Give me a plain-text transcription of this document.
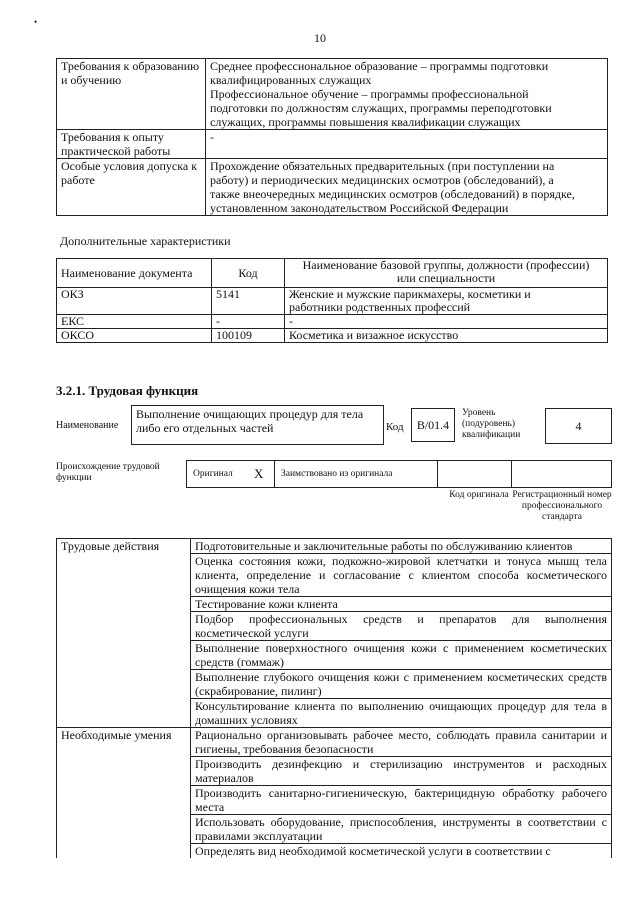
•
10
Требования к образованию и обучению	Среднее профессиональное образование – программы подготовки
квалифицированных служащих
Профессиональное обучение – программы профессиональной
подготовки по должностям служащих, программы переподготовки
служащих, программы повышения квалификации служащих

Требования к опыту практической работы	-

Особые условия допуска к работе	Прохождение обязательных предварительных (при поступлении на
работу) и периодических медицинских осмотров (обследований), а
также внеочередных медицинских осмотров (обследований) в порядке,
установленном законодательством Российской Федерации
Дополнительные характеристики
Наименование документа	Код	Наименование базовой группы, должности (профессии) или специальности
ОКЗ	5141	Женские и мужские парикмахеры, косметики и работники родственных профессий
ЕКС	-	-
ОКСО	100109	Косметика и визажное искусство
3.2.1. Трудовая функция
Наименование
Выполнение очищающих процедур для тела либо его отдельных частей	Код	B/01.4
Уровень (подуровень) квалификации
4
Происхождение трудовой функции	Оригинал X Заимствовано из оригинала
Код оригинала Регистрационный номер профессионального стандарта
Трудовые действия	Подготовительные и заключительные работы по обслуживанию клиентов
	Оценка состояния кожи, подкожно-жировой клетчатки и тонуса мышц тела клиента, определение и согласование с клиентом способа косметического очищения кожи тела
	Тестирование кожи клиента
	Подбор профессиональных средств и препаратов для выполнения косметической услуги
	Выполнение поверхностного очищения кожи с применением косметических средств (гоммаж)
	Выполнение глубокого очищения кожи с применением косметических средств (скрабирование, пилинг)
	Консультирование клиента по выполнению очищающих процедур для тела в домашних условиях
Необходимые умения	Рационально организовывать рабочее место, соблюдать правила санитарии и гигиены, требования безопасности
	Производить дезинфекцию и стерилизацию инструментов и расходных материалов
	Производить санитарно-гигиеническую, бактерицидную обработку рабочего места
	Использовать оборудование, приспособления, инструменты в соответствии с правилами эксплуатации
	Определять вид необходимой косметической услуги в соответствии с
